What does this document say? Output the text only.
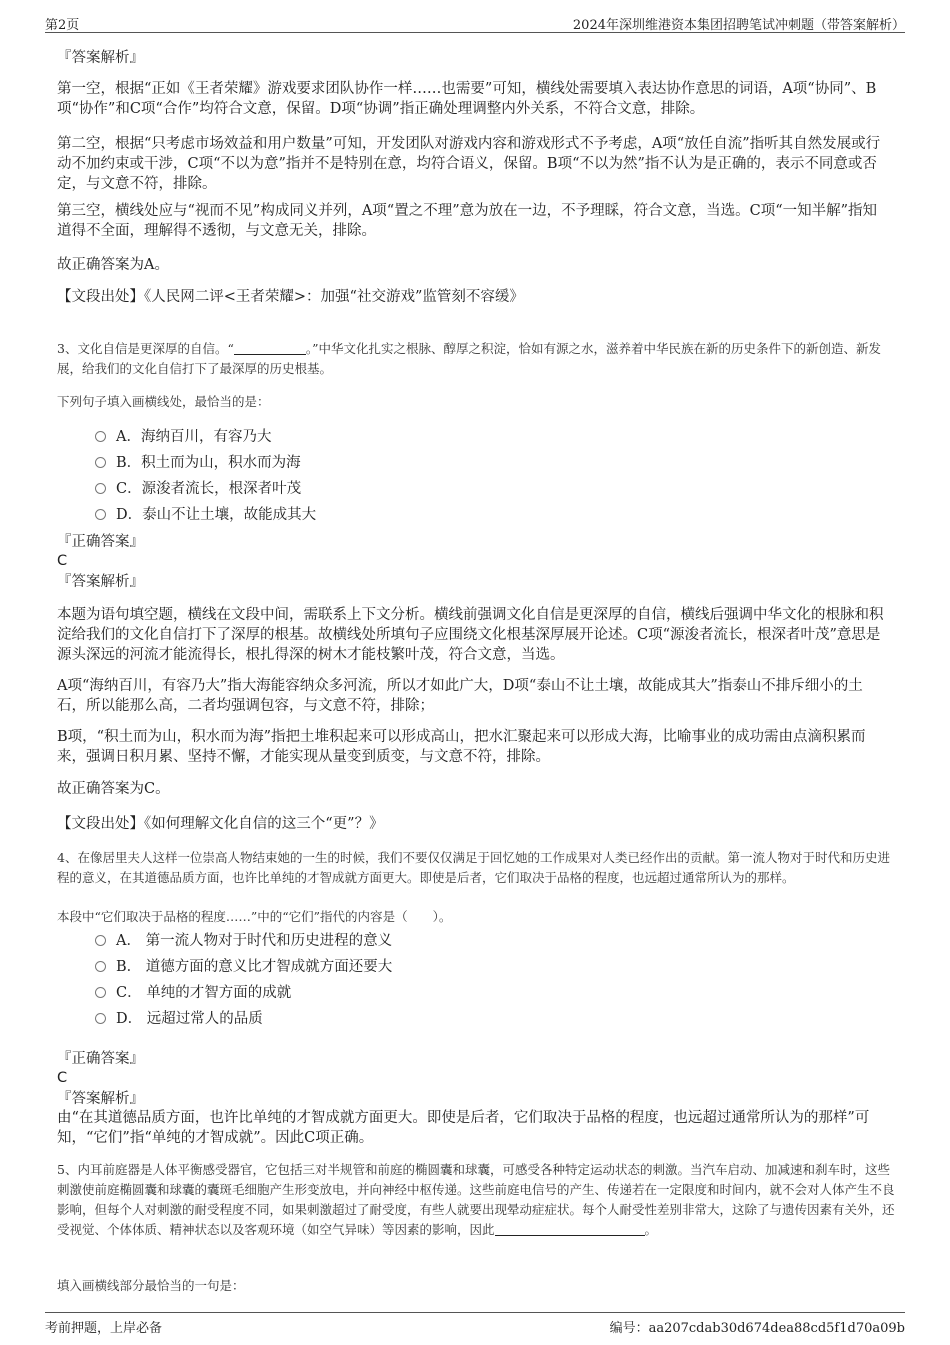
第2页	2024年深圳维港资本集团招聘笔试冲刺题（带答案解析）

『答案解析』

第一空，根据“正如《王者荣耀》游戏要求团队协作一样……也需要”可知，横线处需要填入表达协作意思的词语，A项“协同”、B项“协作”和C项“合作”均符合文意，保留。D项“协调”指正确处理调整内外关系，不符合文意，排除。

第二空，根据“只考虑市场效益和用户数量”可知，开发团队对游戏内容和游戏形式不予考虑，A项“放任自流”指听其自然发展或行动不加约束或干涉，C项“不以为意”指并不是特别在意，均符合语义，保留。B项“不以为然”指不认为是正确的，表示不同意或否定，与文意不符，排除。

第三空，横线处应与“视而不见”构成同义并列，A项“置之不理”意为放在一边，不予理睬，符合文意，当选。C项“一知半解”指知道得不全面，理解得不透彻，与文意无关，排除。

故正确答案为A。

【文段出处】《人民网二评<王者荣耀>：加强“社交游戏”监管刻不容缓》

3、文化自信是更深厚的自信。“	。”中华文化扎实之根脉、醇厚之积淀，恰如有源之水，滋养着中华民族在新的历史条件下的新创造、新发展，给我们的文化自信打下了最深厚的历史根基。

下列句子填入画横线处，最恰当的是：

A．海纳百川，有容乃大
B．积土而为山，积水而为海
C．源浚者流长，根深者叶茂
D．泰山不让土壤，故能成其大

『正确答案』

C

『答案解析』

本题为语句填空题，横线在文段中间，需联系上下文分析。横线前强调文化自信是更深厚的自信，横线后强调中华文化的根脉和积淀给我们的文化自信打下了深厚的根基。故横线处所填句子应围绕文化根基深厚展开论述。C项“源浚者流长，根深者叶茂”意思是源头深远的河流才能流得长，根扎得深的树木才能枝繁叶茂，符合文意，当选。

A项“海纳百川，有容乃大”指大海能容纳众多河流，所以才如此广大，D项“泰山不让土壤，故能成其大”指泰山不排斥细小的土石，所以能那么高，二者均强调包容，与文意不符，排除；

B项，“积土而为山，积水而为海”指把土堆积起来可以形成高山，把水汇聚起来可以形成大海，比喻事业的成功需由点滴积累而来，强调日积月累、坚持不懈，才能实现从量变到质变，与文意不符，排除。

故正确答案为C。

【文段出处】《如何理解文化自信的这三个“更”？》

4、在像居里夫人这样一位崇高人物结束她的一生的时候，我们不要仅仅满足于回忆她的工作成果对人类已经作出的贡献。第一流人物对于时代和历史进程的意义，在其道德品质方面，也许比单纯的才智成就方面更大。即使是后者，它们取决于品格的程度，也远超过通常所认为的那样。

本段中“它们取决于品格的程度……”中的“它们”指代的内容是（　　）。

A． 第一流人物对于时代和历史进程的意义
B． 道德方面的意义比才智成就方面还要大
C． 单纯的才智方面的成就
D． 远超过常人的品质

『正确答案』

C

『答案解析』

由“在其道德品质方面，也许比单纯的才智成就方面更大。即使是后者，它们取决于品格的程度，也远超过通常所认为的那样”可知，“它们”指“单纯的才智成就”。因此C项正确。

5、内耳前庭器是人体平衡感受器官，它包括三对半规管和前庭的椭圆囊和球囊，可感受各种特定运动状态的刺激。当汽车启动、加减速和刹车时，这些刺激使前庭椭圆囊和球囊的囊斑毛细胞产生形变放电，并向神经中枢传递。这些前庭电信号的产生、传递若在一定限度和时间内，就不会对人体产生不良影响，但每个人对刺激的耐受程度不同，如果刺激超过了耐受度，有些人就要出现晕动症症状。每个人耐受性差别非常大，这除了与遗传因素有关外，还受视觉、个体体质、精神状态以及客观环境（如空气异味）等因素的影响，因此	。

填入画横线部分最恰当的一句是：

考前押题，上岸必备	编号：aa207cdab30d674dea88cd5f1d70a09b
